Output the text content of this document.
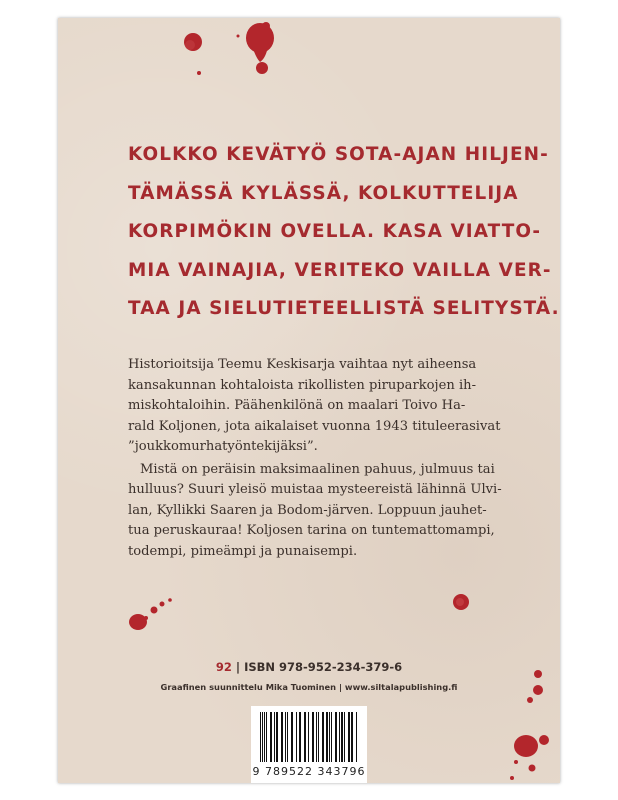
KOLKKO KEVÄTYÖ SOTA-AJAN HILJEN-
TÄMÄSSÄ KYLÄSSÄ, KOLKUTTELIJA
KORPIMÖKIN OVELLA. KASA VIATTO-
MIA VAINAJIA, VERITEKO VAILLA VER-
TAA JA SIELUTIETEELLISTÄ SELITYSTÄ.
Historioitsija Teemu Keskisarja vaihtaa nyt aiheensa
kansakunnan kohtaloista rikollisten piruparkojen ih-
miskohtaloihin. Päähenkilönä on maalari Toivo Ha-
rald Koljonen, jota aikalaiset vuonna 1943 tituleerasivat
”joukkomurhatyöntekijäksi”.
Mistä on peräisin maksimaalinen pahuus, julmuus tai
hulluus? Suuri yleisö muistaa mysteereistä lähinnä Ulvi-
lan, Kyllikki Saaren ja Bodom-järven. Loppuun jauhet-
tua peruskauraa! Koljosen tarina on tuntemattomampi,
todempi, pimeämpi ja punaisempi.
92 | ISBN 978-952-234-379-6
Graafinen suunnittelu Mika Tuominen | www.siltalapublishing.fi
9 789522 343796
